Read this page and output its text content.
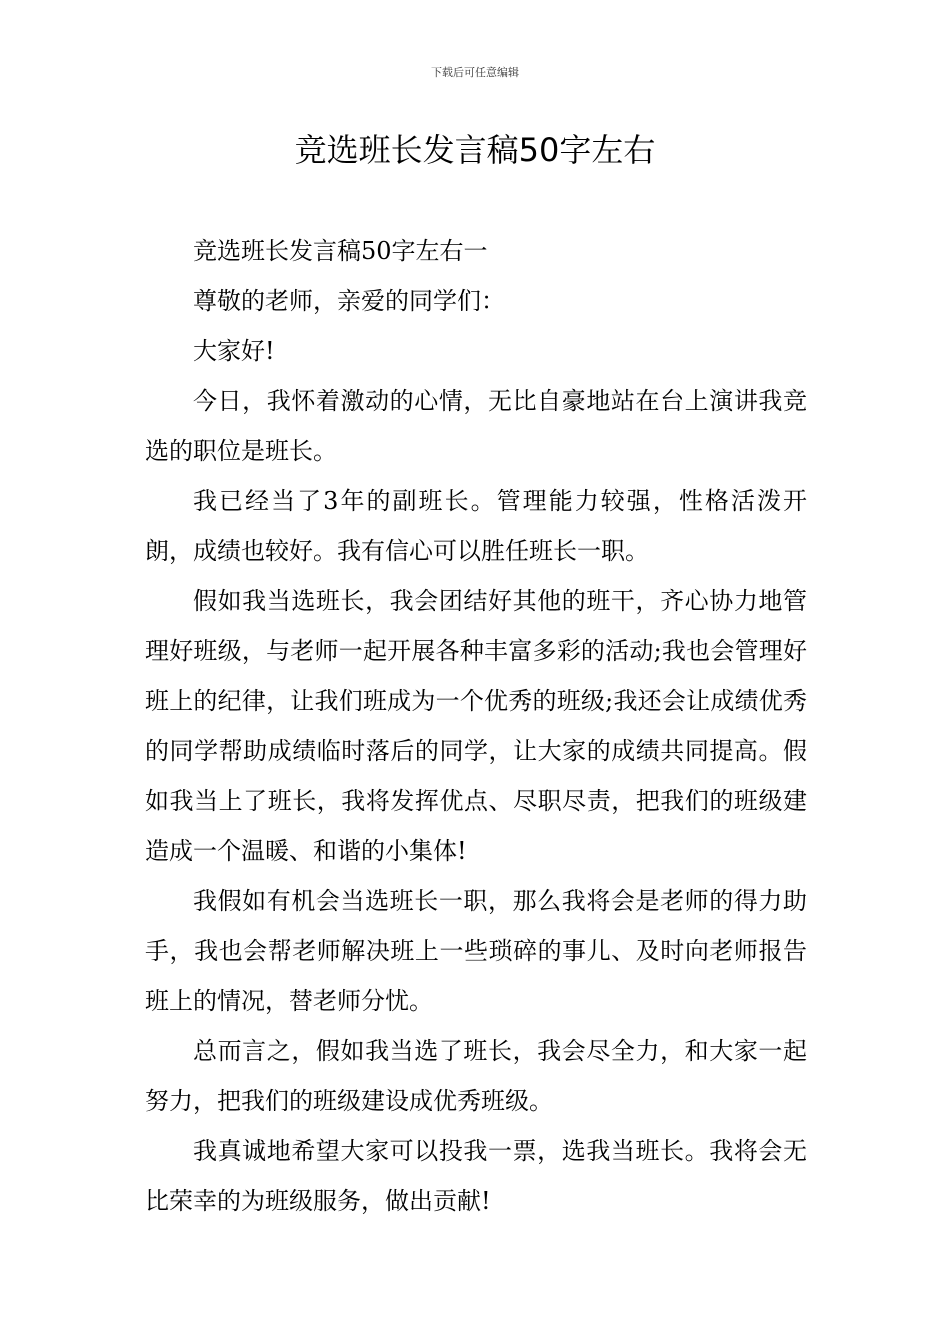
下载后可任意编辑
竞选班长发言稿50字左右

竞选班长发言稿50字左右一

尊敬的老师，亲爱的同学们：

大家好!

今日，我怀着激动的心情，无比自豪地站在台上演讲我竞选的职位是班长。

我已经当了3年的副班长。管理能力较强，性格活泼开朗，成绩也较好。我有信心可以胜任班长一职。

假如我当选班长，我会团结好其他的班干，齐心协力地管理好班级，与老师一起开展各种丰富多彩的活动;我也会管理好班上的纪律，让我们班成为一个优秀的班级;我还会让成绩优秀的同学帮助成绩临时落后的同学，让大家的成绩共同提高。假如我当上了班长，我将发挥优点、尽职尽责，把我们的班级建造成一个温暖、和谐的小集体!

我假如有机会当选班长一职，那么我将会是老师的得力助手，我也会帮老师解决班上一些琐碎的事儿、及时向老师报告班上的情况，替老师分忧。

总而言之，假如我当选了班长，我会尽全力，和大家一起努力，把我们的班级建设成优秀班级。

我真诚地希望大家可以投我一票，选我当班长。我将会无比荣幸的为班级服务，做出贡献!
